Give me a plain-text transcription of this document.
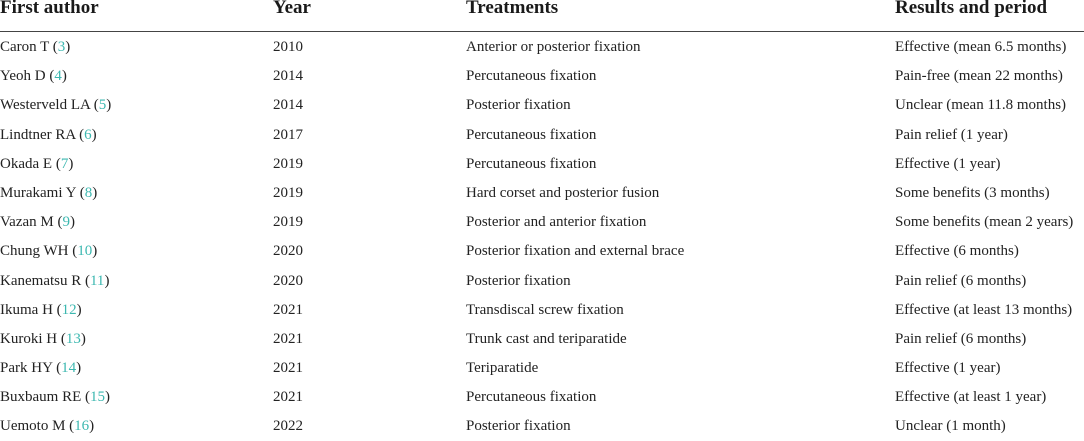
First author	Year	Treatments	Results and period
Caron T (3)	2010	Anterior or posterior fixation	Effective (mean 6.5 months)
Yeoh D (4)	2014	Percutaneous fixation	Pain-free (mean 22 months)
Westerveld LA (5)	2014	Posterior fixation	Unclear (mean 11.8 months)
Lindtner RA (6)	2017	Percutaneous fixation	Pain relief (1 year)
Okada E (7)	2019	Percutaneous fixation	Effective (1 year)
Murakami Y (8)	2019	Hard corset and posterior fusion	Some benefits (3 months)
Vazan M (9)	2019	Posterior and anterior fixation	Some benefits (mean 2 years)
Chung WH (10)	2020	Posterior fixation and external brace	Effective (6 months)
Kanematsu R (11)	2020	Posterior fixation	Pain relief (6 months)
Ikuma H (12)	2021	Transdiscal screw fixation	Effective (at least 13 months)
Kuroki H (13)	2021	Trunk cast and teriparatide	Pain relief (6 months)
Park HY (14)	2021	Teriparatide	Effective (1 year)
Buxbaum RE (15)	2021	Percutaneous fixation	Effective (at least 1 year)
Uemoto M (16)	2022	Posterior fixation	Unclear (1 month)
